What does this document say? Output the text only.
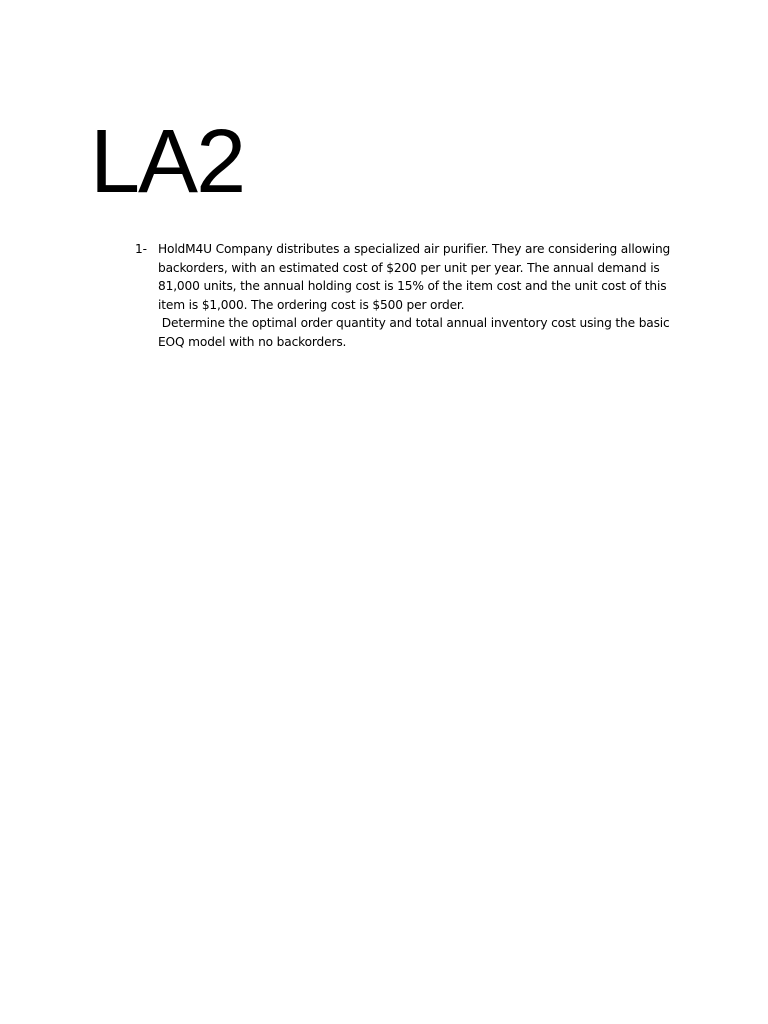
LA2
1- HoldM4U Company distributes a specialized air purifier. They are considering allowing backorders, with an estimated cost of $200 per unit per year. The annual demand is 81,000 units, the annual holding cost is 15% of the item cost and the unit cost of this item is $1,000. The ordering cost is $500 per order.
Determine the optimal order quantity and total annual inventory cost using the basic EOQ model with no backorders.
